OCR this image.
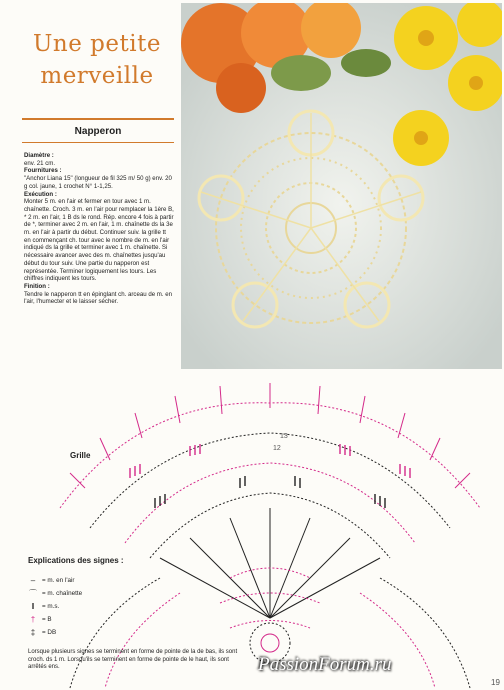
Une petite
merveille
Napperon

Diamètre :
env. 21 cm.

Fournitures :
"Anchor Liana 15" (longueur de fil 325 m/ 50 g) env. 20 g col. jaune, 1 crochet N° 1-1,25.

Exécution :
Monter 5 m. en l'air et fermer en tour avec 1 m. chaînette. Croch. 3 m. en l'air pour remplacer la 1ère B, * 2 m. en l'air, 1 B ds le rond. Rép. encore 4 fois à partir de *, terminer avec 2 m. en l'air, 1 m. chaînette ds la 3e m. en l'air à partir du début. Continuer suiv. la grille tt en commençant ch. tour avec le nombre de m. en l'air indiqué ds la grille et terminer avec 1 m. chaînette. Si nécessaire avancer avec des m. chaînettes jusqu'au début du tour suiv. Une partie du napperon est représentée. Terminer logiquement les tours. Les chiffres indiquent les tours.

Finition :
Tendre le napperon tt en épinglant ch. arceau de m. en l'air, l'humecter et le laisser sécher.

13
12
Grille
Explications des signes :
–	= m. en l'air
⌒ = m. chaînette
ǁ	= m.s.
†	= B
‡	= DB
Lorsque plusieurs signes se terminent en forme de pointe de la de bas, ils sont croch. ds 1 m. Lorsqu'ils se terminent en forme de pointe de le haut, ils sont arrêtés ens.	PassionForum.ru
19
